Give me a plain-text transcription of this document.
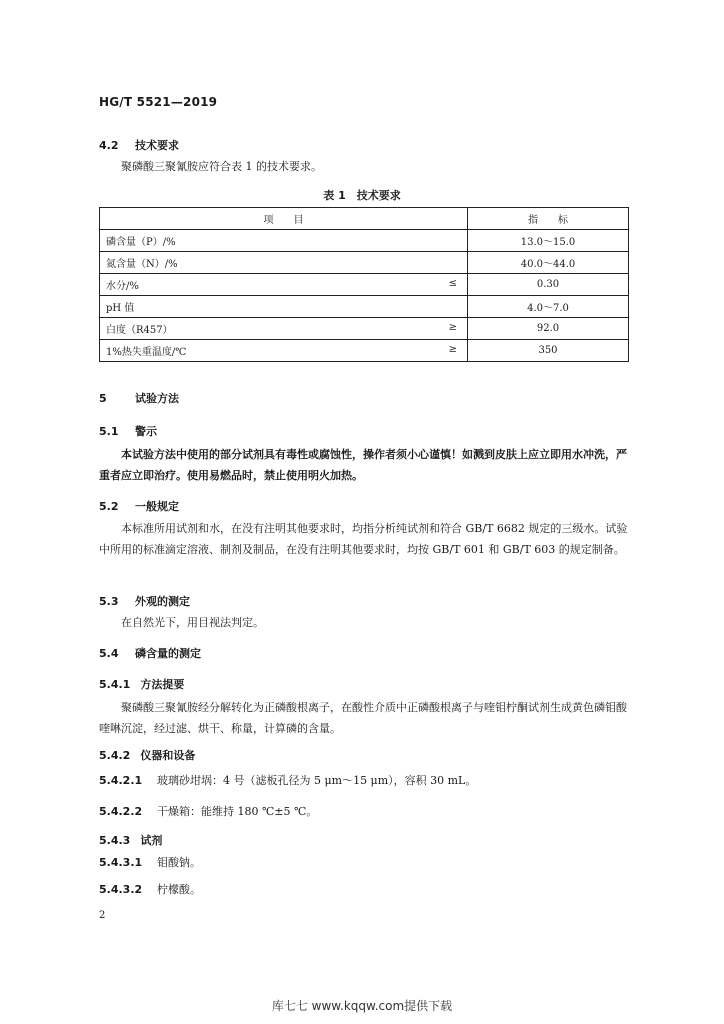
HG/T 5521—2019
4.2 技术要求
聚磷酸三聚氰胺应符合表 1 的技术要求。
表 1　技术要求
项　　目	指　　标
磷含量（P）/%	13.0～15.0
氮含量（N）/%	40.0～44.0
水分/% ≤	0.30
pH 值	4.0～7.0
白度（R457） ≥	92.0
1%热失重温度/℃ ≥	350
5	试验方法
5.1 警示
本试验方法中使用的部分试剂具有毒性或腐蚀性，操作者须小心谨慎！如溅到皮肤上应立即用水冲洗，严重者应立即治疗。使用易燃品时，禁止使用明火加热。
5.2 一般规定
本标准所用试剂和水，在没有注明其他要求时，均指分析纯试剂和符合 GB/T 6682 规定的三级水。试验中所用的标准滴定溶液、制剂及制品，在没有注明其他要求时，均按 GB/T 601 和 GB/T 603 的规定制备。
5.3 外观的测定
在自然光下，用目视法判定。
5.4 磷含量的测定
5.4.1 方法提要
聚磷酸三聚氰胺经分解转化为正磷酸根离子，在酸性介质中正磷酸根离子与喹钼柠酮试剂生成黄色磷钼酸喹啉沉淀，经过滤、烘干、称量，计算磷的含量。
5.4.2 仪器和设备
5.4.2.1 玻璃砂坩埚：4 号（滤板孔径为 5 μm～15 μm），容积 30 mL。
5.4.2.2 干燥箱：能维持 180 ℃±5 ℃。
5.4.3 试剂
5.4.3.1 钼酸钠。
5.4.3.2 柠檬酸。
2
库七七 www.kqqw.com提供下载
